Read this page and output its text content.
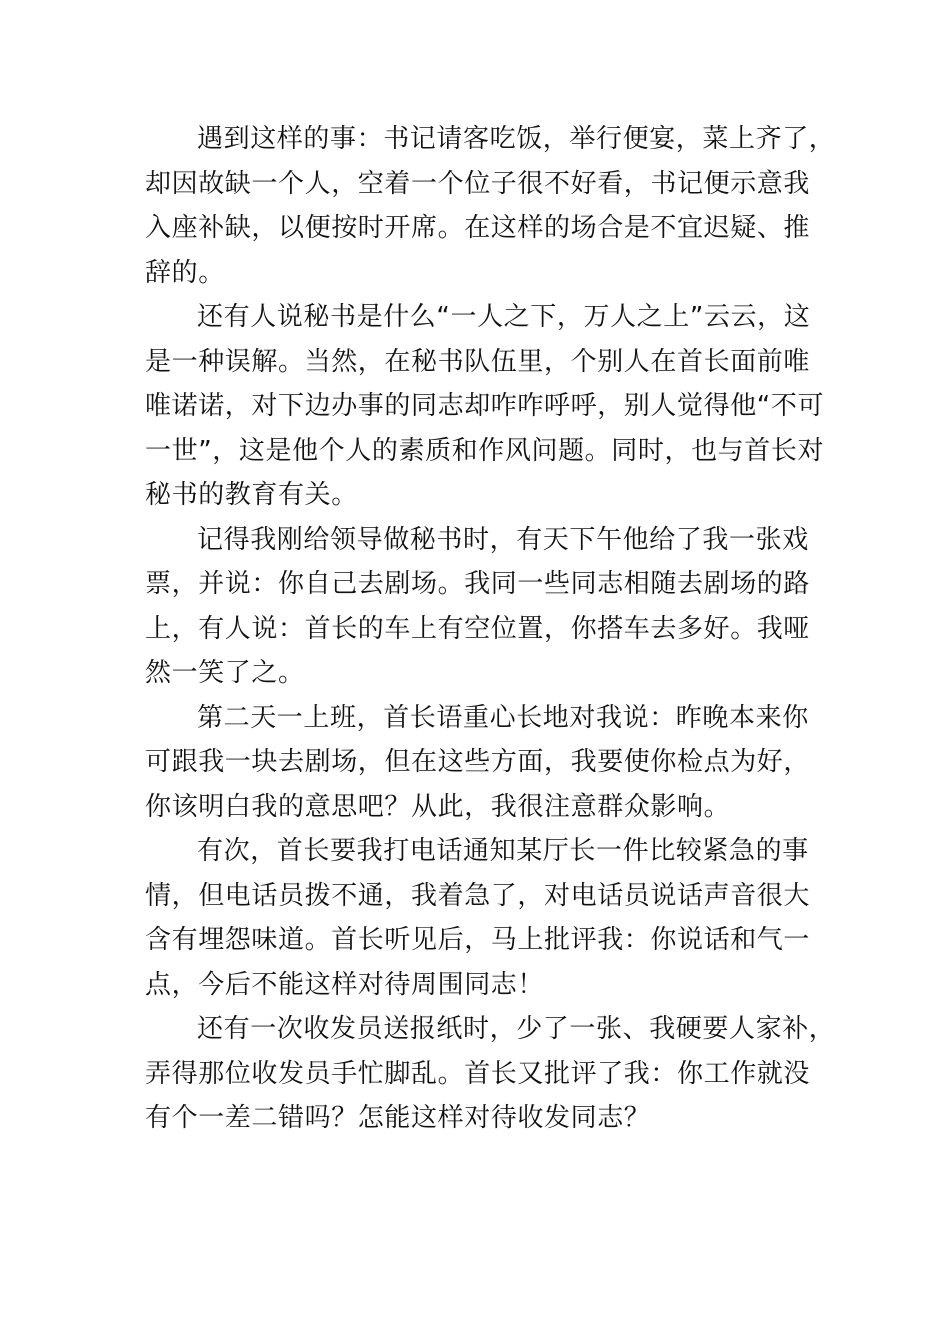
遇到这样的事：书记请客吃饭，举行便宴，菜上齐了，
却因故缺一个人，空着一个位子很不好看，书记便示意我
入座补缺，以便按时开席。在这样的场合是不宜迟疑、推
辞的。
还有人说秘书是什么“一人之下，万人之上”云云，这
是一种误解。当然，在秘书队伍里，个别人在首长面前唯
唯诺诺，对下边办事的同志却咋咋呼呼，别人觉得他“不可
一世”，这是他个人的素质和作风问题。同时，也与首长对
秘书的教育有关。
记得我刚给领导做秘书时，有天下午他给了我一张戏
票，并说：你自己去剧场。我同一些同志相随去剧场的路
上，有人说：首长的车上有空位置，你搭车去多好。我哑
然一笑了之。
第二天一上班，首长语重心长地对我说：昨晚本来你
可跟我一块去剧场，但在这些方面，我要使你检点为好，
你该明白我的意思吧？从此，我很注意群众影响。
有次，首长要我打电话通知某厅长一件比较紧急的事
情，但电话员拨不通，我着急了，对电话员说话声音很大
含有埋怨味道。首长听见后，马上批评我：你说话和气一
点，今后不能这样对待周围同志！
还有一次收发员送报纸时，少了一张、我硬要人家补，
弄得那位收发员手忙脚乱。首长又批评了我：你工作就没
有个一差二错吗？怎能这样对待收发同志？
